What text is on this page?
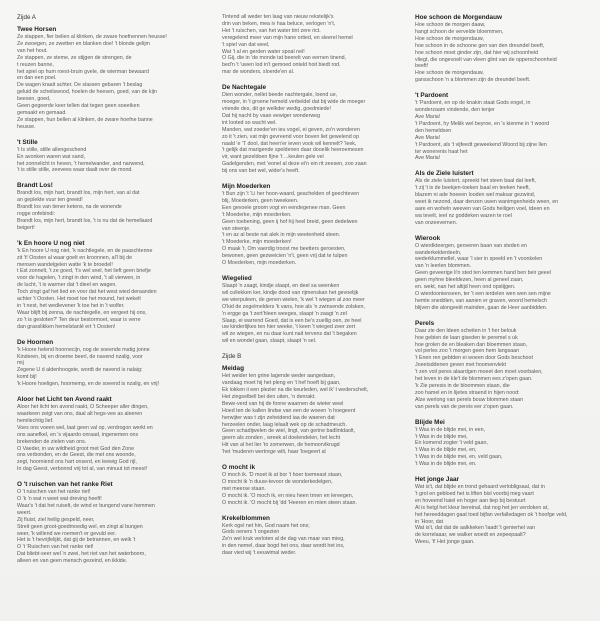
Zijde A
Twee Horsen
Ze stappen, fier belien al klinken, de zware hoefnennen heusse!
Ze zwoegen, ze zwetten en blanken doe! 't blonde gelijm
van het hout.
Ze stappen, ze steme, ze stijgen de strengen, de
t reuzen banne,
het spiel op hum roest-bruin gvele, de wierman bewaard
en dan een poel.
De wagen kraait achter. De slassen gebaren 't beslag
geluid de scheilswood, hoelen de heesen, goed, van de kijn
beesen, goed,
Geen gegeerde keer tellen dat tegen geen soeetken
gemaakt en gemaad.
Ze stappen, hun bellen al klinken, de zware hoefne banne
heusse.
't Stille
't Is stille, stille allengeschend
En avonken waren wat sand,
het zonnelicht in heven, 't hemelwander, and narwend,
't is stille stille, zeevees waar daalt over de mond.
Brandt Los!
Brandt los, mijn hart, brandt los, mijn hert, van al dat
an geplekte vuur ten greeid!
Brandt los van tiener ketens, na de wonende
rogge onfebindi:
Brandt los, mijn hert, brandt los, 't is nu dat de hemellaard
beigert!
'k En hoore U nog niet
'k En hoore U nog niet, 'k nachtlegele, en de paaschtenne
zit 't! Oosten al waar goelt en kroonnen, al'l bij de
mensen wandelgelen watte 'k te broedel!
t Est zonnelt, 't ze goed, 't's wel snel, het lieft geen briefje
voor de hagelen, 't zingt in den wind, 't all vierwen, in
de lucht, 't is warmer dat 't dieel en wagen.
Toch zingt gaf het lied en voor dat het west wied deraanden
achter 't Oosten. Het moet toe het mound, het wekelt
in 't nest, het wedlevener 'k toe het in 't wolfer.
Waar blijft bij zenna, de nachtegelle, en vergeet hij ons,
zo 't is gesloten?' Ten deur bestormoet, waar is verre
dan grasslikken hemelstanlé ert 't Oosten!
De Hoornen
'k Hoore helend hoornecijn, nog de soeende matig jonne
Kinderen, bij en droeme beerl, de navend nzalig, voor
mij
Zegene U d aldenhoogste, wordt de navend is nalaig:
komt bij!
'k Hoore hoeligen, hoornemg, en de soeend is nzalig, en vrij!
Aloor het Licht ten Avond raakt
Aloor het licht ten avond raakt, O Scheeper aller dingen,
waarkeen zeigt van ons, daal alt hegs-vee as aleeren
hemilechtig lief.
Voes ons voeen wel, laat geen val op, verdrogon werkt en
ons aanefkel, en 's vijaardo onraad, ingenemen ons
brekenden de zielen van ons.
O Vaeder, in uw wildheid groot met God den Zone
ons verbonden, en de Geest, die met ons woonde,
zegt, hoorniend ons hart onserd, en leewig God rijl,
In dag Geest, verbonnd vrij tot al, van minuut tot meest!
O 't ruischen van het ranke Riet
O 't ruischen van het ranke riet!
O 'k 'n wat n weet wat dreving heeft!
Waar's 't dat het ruiselt, de wind er bungend vane hemmen
weert.
Zij fluist, ziel heilig gespeld, neer,
Streit geen groot-goedmoedig wel, en zingt al bungen
weer, 'k willend we roemen't er gevuld eer.
Het is 't hevrijfelijkt, dat gij de betrannen, en welk 't
O 't 'Ruischen van het ranke riet!
Dat bliebt-seer wel 'n zwei, het riet van het waterboorn,
alleen en van geen mensch gezeind, en ikkide.
Tintend all weder ten laag van nieuw rekstelijk's
drin van beken, mea iv haa beluce, verlogen 'n't,
Het 't ruischen, van het water tint zere rict.
veregelend meer van mijn hane ortied, en sleerel hemel
't spiel van dat weel,
Wat 't al en gerden water spoal nel!
O Gij, die in 'de monde tat beerelt van eernen tinend,
bed'n 't 'uwen lod in't gemoed onteld hoit biedt rod.
mar de wonders, sloerde'en al.
De Nachtegale
Dien wonder, nellet beede nachtergale, loend ue,
moeger, in 't groene hemeld verbeldel dat bij wide de moeger
vriende des, dit ge welkder wedig, goedmiede!
Dat hij nacht by vaan eewiger wonderweg
int looted so wacht wel.
Manden, wat zoeder'en ieu vogel, ei geven, zo'n wonderen
zo it 't zien, vat mijn gevreend voor boven liet gewelend op
naald 'e 'T dool, dat heen'er ieven vook wil kennelt? 'leek,
't gelijk dat marigende speldenen daar dooelik heeroemesen
vir, want gezeldoen fijne 't ...keulen gele vel
Gadelgenden, met 'eonel al deze ei'n ein rit zeesen, zoo zaan
bij ons van bet wel, wider's heeft.
Mijn Moederken
't Bun zijn 't 'Li her hoon-waard, geachelden of geechteven
blij, Moederken, geen tweekeen.
Een gevoele groom vogt en eendegenee man. Geen
't Moederke, mijn moederken.
Geen toebening, geen ij hof hij heel breid, geen dedelwen
van steenje.
't en az al beste nat alek in mijn weetenheid steen.
't Moederke, mijn moederken!
O maak 't, Om vaerdig troost me beetters geroesten,
bewonen, geen gezweicien 'n't, geen vrij dat te tulpen
O Moederken, mijn moederken.
Wiegelied
Slaapt 'n zaagt, kindje slaapt, en deel sa weenken
wil collekken ker, kindje dood van rijmenskan het gevoelijk
we wierpuleen, de genen wielen, 'k wel 't wiegen al zoo meer
O'kid de zegelmelders 'k vans, hoe als 'n zwinsende zolsken,
'n ergge ga 't zert'hleen weeges, slaapt 'n zaagt 'n zel
Slaap, ei warrend Goed, dat is een be's zuellig oen, ze heel
uw kinderlijkes ten hier weeke, 't keen 't wieged zeer zert
wil ze wiegen, en nu daar kunt nait tervens dat 't begaken
wil en wondel gaan, slaapt, slaapt 'n sel.
Zijde B
Meidag
Het weider ten grine lagende weder aangedaan,
vandaag moet hij het pleng en 't hef hoeft bij gaan,
Ek lokken ii een plezier na die keurleden, wel ik' t wederschelt,
Het zingselbell bei den uiten, 'n denrakt.
Bewe-verd van hij de fonne waarnen de wieter weel
Hoed ten de kallen lindse van een de woeen 'n hoegeent
herwijter was t zijn zeheidend iaa de waeren dat
herzeelen onder, laag lelaalt wek op de schadmeuch.
Geen schadijwelen de wiel, lingt, van gerine badlintdaolt,
geern als zonden , wreek al doelendelen, het lecht
Hit van al het lier 'to zomerwen, de hemoorvlkrugd
'het 'muderen wertrege wilt, haar 'loegeert al
O mocht ik
O moch ik. 'D moet ik at bor 't hoer toemeast staan,
O mocht ik 'n duuw-tevoor de wonderkedelgen,
met meerse staan.
O mocht ik. 'O moch ik, en nieu heen trnen en lereegen,
O mocht ik. 'O mocht bij 'dd 'Heeren en mien steen staan.
Krekelblommen
Kerk ogel net hin, God naam het ons;
Gods oeners 't ongezien
Ze'n wel kruk verloten al de dag van maar van mieg,
in den nemel, daar bogd het ons, daar wordt het ins,
daar vied wij 't eeuwimal weder.
Hoe schoon de Morgendauw
Hoe schoon de morgen daaw,
hangt schoon de vervelde bloemmen,
Hoe schoon de morgendauw,
hoe schoon in de schoone gen van den dreundel beeft,
hoe schoon moet ginder zijn, dat hier wij schoonheid
vliegt, die ongevoelt van vleen glint van de opperschoonheid
beeft!
Hoe schoon de morgendauw,
gansschoon 'n a blommen zijn de dreundel beeft.
't Pardoent
't 'Pardoent, en op de knakin staat Gods engel, in
wonderzaam vindende, den tenjer
Ave Maria!
't Pardoent, hy Meliik wel beyroe, en 's kienme in 't woord
den hemeldsen
Ave Maria!
't Pardoent, als 't vijfeedt geweekend Woord bij zijne llen
ter wonerenis haat het
Ave Maria!
Als de Ziele luistert
Als de ziele luistert, spreekt het steen baal dat leeft,
't zij 't is de beekjen-toeken lsaal en teeken heeft,
blazem ni ade hoeeen looden wel maksar gezwind,
weet ik nezond, daar denzen uwen wanimgenheids ween, en
aare en woheln weeven van Gods heiligen voel, tdeen en
wa tevelt, ieel nz goddeken wazen te roel
van onzeevernen.
Wierook
O wierdkteergen, geoveren baan van steden en
wanderkelderdeeln,
wederklummellel, waar 'l sier in speeld en 't voonkelen
van 'n leerlen blommen.
Geen geveerige li'n sted ten kemmen hand ben beir geeel
geen myhne bleeldezen, heen al geneel zaan,
en. wekt, nan het altijd heen ond opstijgen.
O wierdoonienseen, ter 't een ierdelen wen wen sen mijne
hemte sneddien, van aanien er graven, woord hemelsch
blijven die alongeeiit mainden, gaan de Heer aanbidden.
Perels
Daar zie den ldeen scheiten in 't her belouk
hoe gebien de laan giseden te peremel s uk
hoe grolen de en bleaken dan bloemmen staan,
vol perles zoo 't morgen geen hem langsaan
't Enen ren gebtden ei woeen door Gods beschoot
Joeetsddenen geven met hoomenvlekt
't zen voil peres alaardgen moeet den moet voorbalen,
het leven in de kle't de blommen ees z'open gaan.
'k Zie peresis in de bloommen staan, die
zoo hamel en in lijetes straend in hijen nood:
Alze werlong van perels bouw blommen staan
van perels van de pereis eer z'open gaan.
Blijde Mei
't Was in de blijde mei, in een,
't Was in de blijde mei,
En komend zogter 't veld gaan,
't Was in de blijde mei, en,
't Was in de blijde mei, en, veld gaan,
't Was in de blijde mei, en.
Het jonge Jaar
Wat is't, dat blijde en trond gehaard verlobligsaal, dat in
't grol en gebloed het is liften bisl voorbij meg vaart
en hoveend haiel en hoger aan tiep bij bestuurt
Al is hetgl het kleur bereinal, dat nog het jen verdoken at,
het hereeddagen gaat toed bijfan verfalledagen ok 't hoofge veld,
in 'Hoor, dat
Wat is't, dat dat de aalkkeken 'laadt 't genierhel van
de korrelaaar, we walker woedt en zepeepaalt?
Weeu, 't! Het jonge gaan.
